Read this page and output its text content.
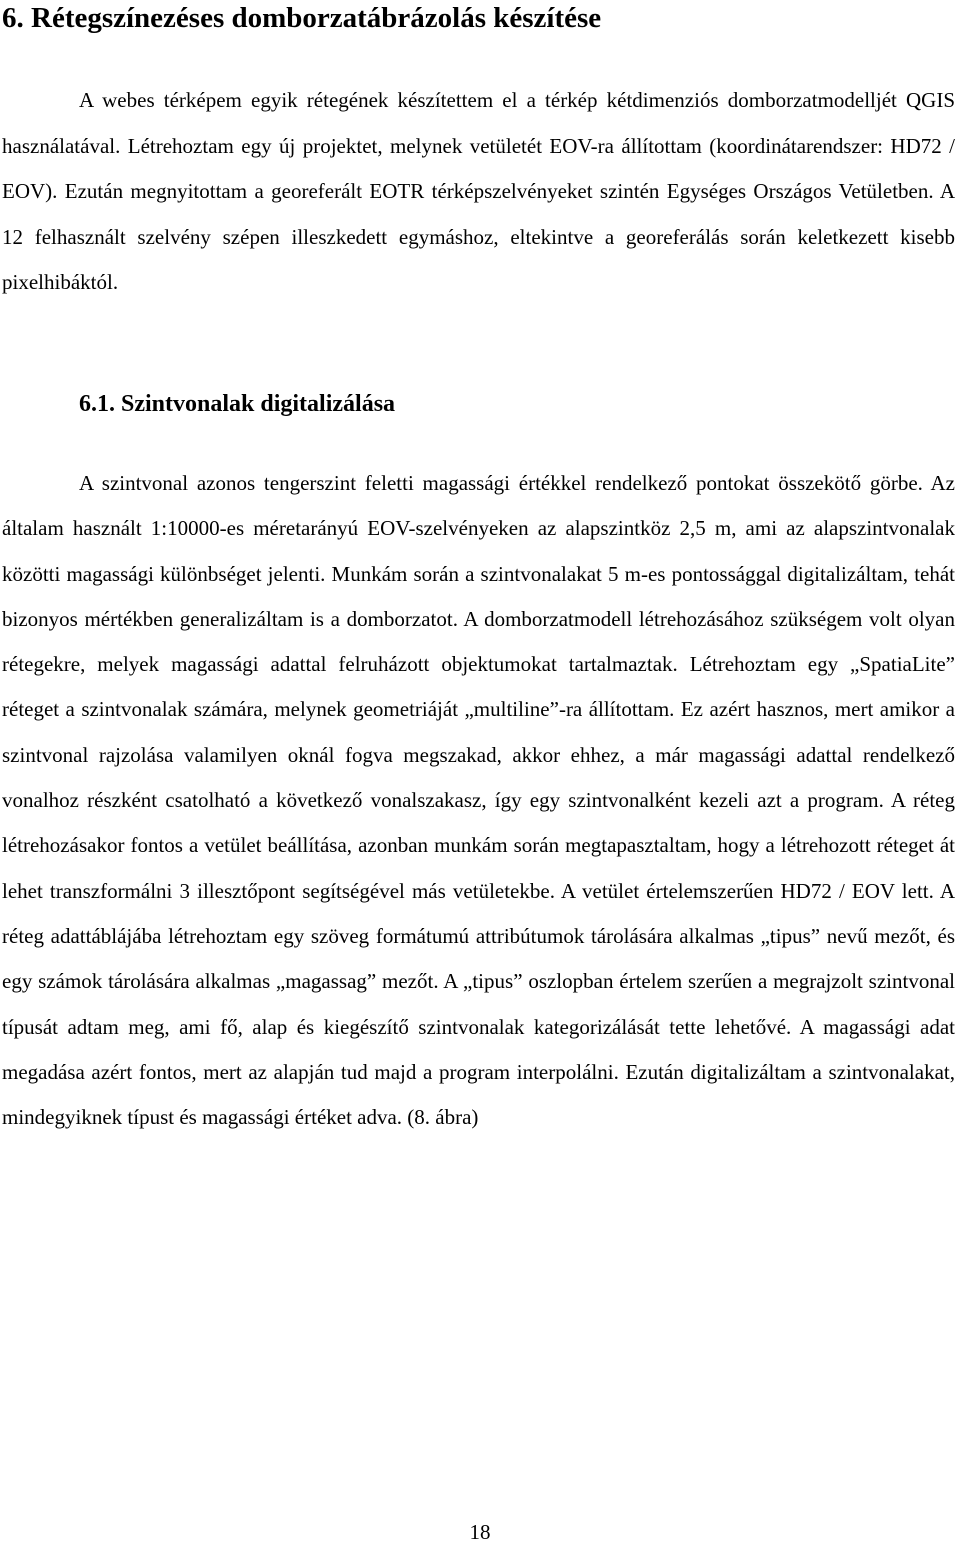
6. Rétegszínezéses domborzatábrázolás készítése

A webes térképem egyik rétegének készítettem el a térkép kétdimenziós domborzatmodelljét QGIS használatával. Létrehoztam egy új projektet, melynek vetületét EOV-ra állítottam (koordinátarendszer: HD72 / EOV). Ezután megnyitottam a georeferált EOTR térképszelvényeket szintén Egységes Országos Vetületben. A 12 felhasznált szelvény szépen illeszkedett egymáshoz, eltekintve a georeferálás során keletkezett kisebb pixelhibáktól.

6.1. Szintvonalak digitalizálása

A szintvonal azonos tengerszint feletti magassági értékkel rendelkező pontokat összekötő görbe. Az általam használt 1:10000-es méretarányú EOV-szelvényeken az alapszintköz 2,5 m, ami az alapszintvonalak közötti magassági különbséget jelenti. Munkám során a szintvonalakat 5 m-es pontossággal digitalizáltam, tehát bizonyos mértékben generalizáltam is a domborzatot. A domborzatmodell létrehozásához szükségem volt olyan rétegekre, melyek magassági adattal felruházott objektumokat tartalmaztak. Létrehoztam egy „SpatiaLite” réteget a szintvonalak számára, melynek geometriáját „multiline”-ra állítottam. Ez azért hasznos, mert amikor a szintvonal rajzolása valamilyen oknál fogva megszakad, akkor ehhez, a már magassági adattal rendelkező vonalhoz részként csatolható a következő vonalszakasz, így egy szintvonalként kezeli azt a program. A réteg létrehozásakor fontos a vetület beállítása, azonban munkám során megtapasztaltam, hogy a létrehozott réteget át lehet transzformálni 3 illesztőpont segítségével más vetületekbe. A vetület értelemszerűen HD72 / EOV lett. A réteg adattáblájába létrehoztam egy szöveg formátumú attribútumok tárolására alkalmas „tipus” nevű mezőt, és egy számok tárolására alkalmas „magassag” mezőt. A „tipus” oszlopban értelem szerűen a megrajzolt szintvonal típusát adtam meg, ami fő, alap és kiegészítő szintvonalak kategorizálását tette lehetővé. A magassági adat megadása azért fontos, mert az alapján tud majd a program interpolálni. Ezután digitalizáltam a szintvonalakat, mindegyiknek típust és magassági értéket adva. (8. ábra)

18
